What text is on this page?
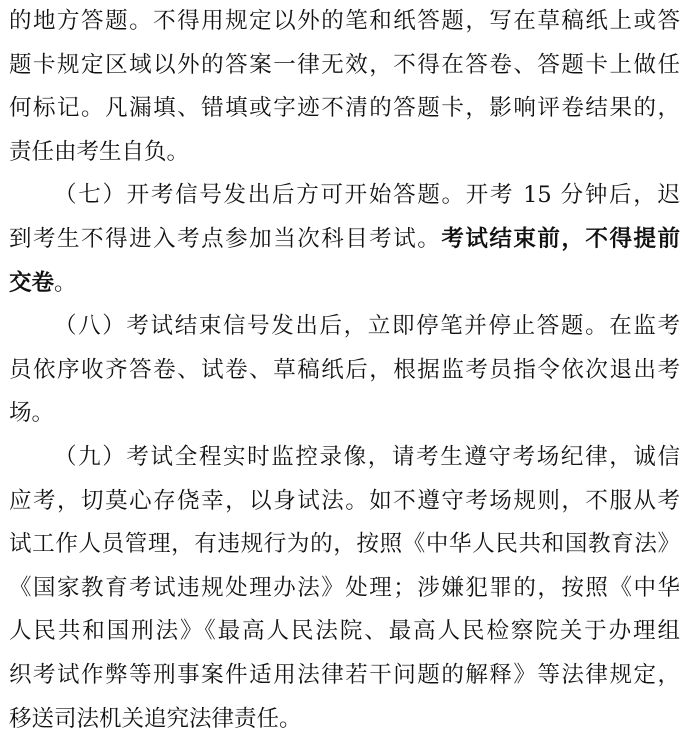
的地方答题。不得用规定以外的笔和纸答题，写在草稿纸上或答
题卡规定区域以外的答案一律无效，不得在答卷、答题卡上做任
何标记。凡漏填、错填或字迹不清的答题卡，影响评卷结果的，
责任由考生自负。
（七）开考信号发出后方可开始答题。开考 15 分钟后，迟
到考生不得进入考点参加当次科目考试。考试结束前，不得提前
交卷。
（八）考试结束信号发出后，立即停笔并停止答题。在监考
员依序收齐答卷、试卷、草稿纸后，根据监考员指令依次退出考
场。
（九）考试全程实时监控录像，请考生遵守考场纪律，诚信
应考，切莫心存侥幸，以身试法。如不遵守考场规则，不服从考
试工作人员管理，有违规行为的，按照《中华人民共和国教育法》
《国家教育考试违规处理办法》处理；涉嫌犯罪的，按照《中华
人民共和国刑法》《最高人民法院、最高人民检察院关于办理组
织考试作弊等刑事案件适用法律若干问题的解释》等法律规定，
移送司法机关追究法律责任。
